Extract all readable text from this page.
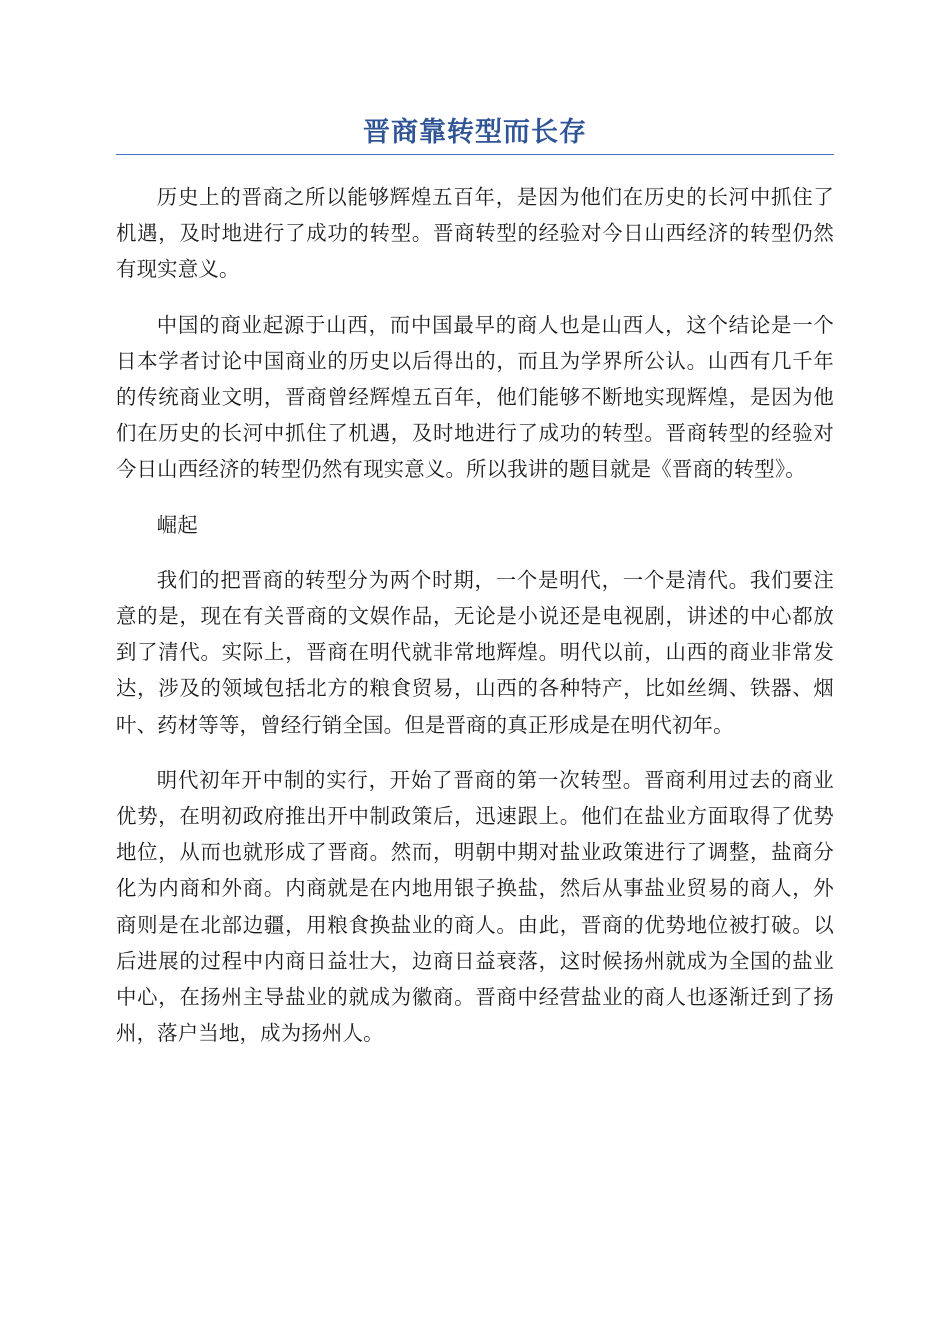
晋商靠转型而长存

历史上的晋商之所以能够辉煌五百年，是因为他们在历史的长河中抓住了机遇，及时地进行了成功的转型。晋商转型的经验对今日山西经济的转型仍然有现实意义。

中国的商业起源于山西，而中国最早的商人也是山西人，这个结论是一个日本学者讨论中国商业的历史以后得出的，而且为学界所公认。山西有几千年的传统商业文明，晋商曾经辉煌五百年，他们能够不断地实现辉煌，是因为他们在历史的长河中抓住了机遇，及时地进行了成功的转型。晋商转型的经验对今日山西经济的转型仍然有现实意义。所以我讲的题目就是《晋商的转型》。

崛起

我们的把晋商的转型分为两个时期，一个是明代，一个是清代。我们要注意的是，现在有关晋商的文娱作品，无论是小说还是电视剧，讲述的中心都放到了清代。实际上，晋商在明代就非常地辉煌。明代以前，山西的商业非常发达，涉及的领域包括北方的粮食贸易，山西的各种特产，比如丝绸、铁器、烟叶、药材等等，曾经行销全国。但是晋商的真正形成是在明代初年。

明代初年开中制的实行，开始了晋商的第一次转型。晋商利用过去的商业优势，在明初政府推出开中制政策后，迅速跟上。他们在盐业方面取得了优势地位，从而也就形成了晋商。然而，明朝中期对盐业政策进行了调整，盐商分化为内商和外商。内商就是在内地用银子换盐，然后从事盐业贸易的商人，外商则是在北部边疆，用粮食换盐业的商人。由此，晋商的优势地位被打破。以后进展的过程中内商日益壮大，边商日益衰落，这时候扬州就成为全国的盐业中心，在扬州主导盐业的就成为徽商。晋商中经营盐业的商人也逐渐迁到了扬州，落户当地，成为扬州人。
